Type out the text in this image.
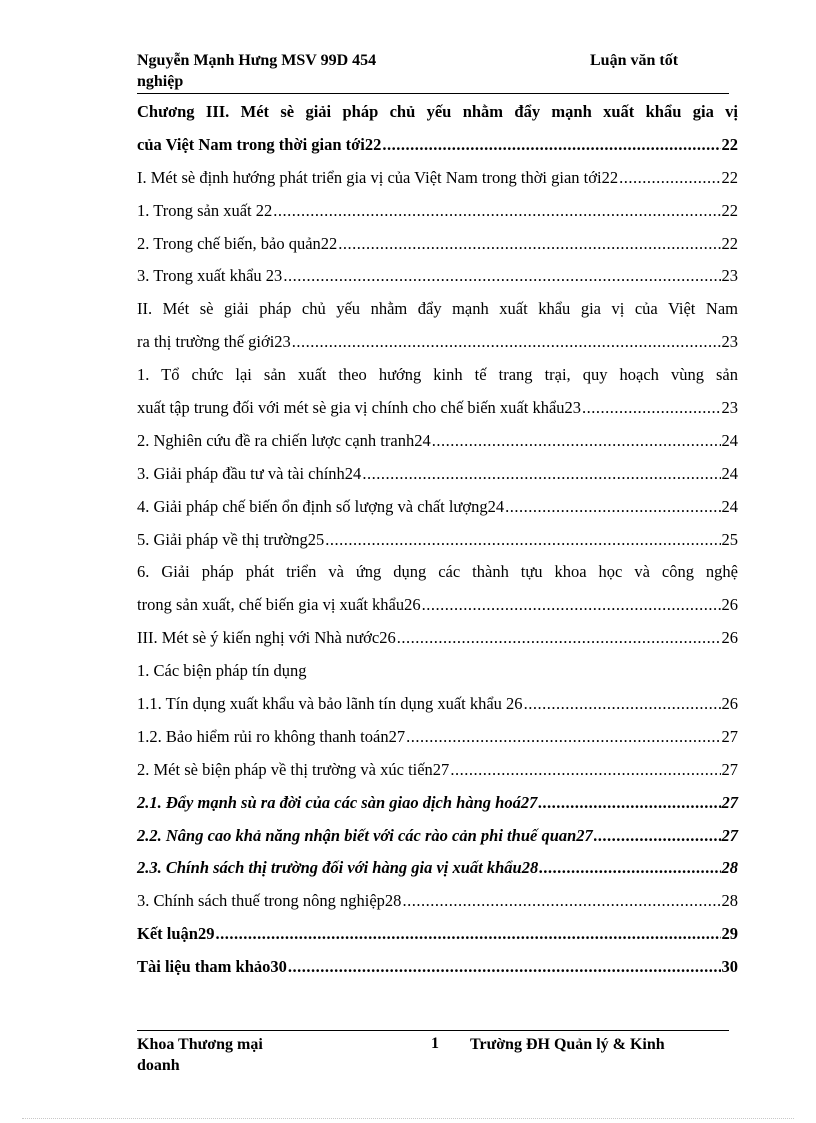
Nguyễn Mạnh Hưng MSV 99D 454	Luận văn tốt
nghiệp
Chương III. Mét sè giải pháp chủ yếu nhằm đẩy mạnh xuất khẩu gia vị
của Việt Nam trong thời gian tới22 .....	22
I. Mét sè định hướng phát triển gia vị của Việt Nam trong thời gian tới22 .....	22
1. Trong sản xuất 22 .....	22
2. Trong chế biến, bảo quản22 .....	22
3. Trong xuất khẩu 23 .....	23
II. Mét sè giải pháp chủ yếu nhằm đẩy mạnh xuất khẩu gia vị của Việt Nam
ra thị trường thế giới23 .....	23
1. Tổ chức lại sản xuất theo hướng kinh tế trang trại, quy hoạch vùng sản
xuất tập trung đối với mét sè gia vị chính cho chế biến xuất khẩu23 .....	23
2. Nghiên cứu đề ra chiến lược cạnh tranh24 .....	24
3. Giải pháp đầu tư và tài chính24 .....	24
4. Giải pháp chế biến ổn định số lượng và chất lượng24 .....	24
5. Giải pháp về thị trường25 .....	25
6. Giải pháp phát triển và ứng dụng các thành tựu khoa học và công nghệ
trong sản xuất, chế biến gia vị xuất khẩu26 .....	26
III. Mét sè ý kiến nghị với Nhà nước26 .....	26
1. Các biện pháp tín dụng
1.1. Tín dụng xuất khẩu và bảo lãnh tín dụng xuất khẩu 26 .....	26
1.2. Bảo hiểm rủi ro không thanh toán27 .....	27
2. Mét sè biện pháp về thị trường và xúc tiến27 .....	27
2.1. Đẩy mạnh sù ra đời của các sàn giao dịch hàng hoá27 .....	27
2.2. Nâng cao khả năng nhận biết với các rào cản phi thuế quan27 .....	27
2.3. Chính sách thị trường đối với hàng gia vị xuất khẩu28 .....	28
3. Chính sách thuế trong nông nghiệp28 .....	28
Kết luận29 .....	29
Tài liệu tham khảo30 .....	30
Khoa Thương mại	1 Trường ĐH Quản lý & Kinh
doanh
